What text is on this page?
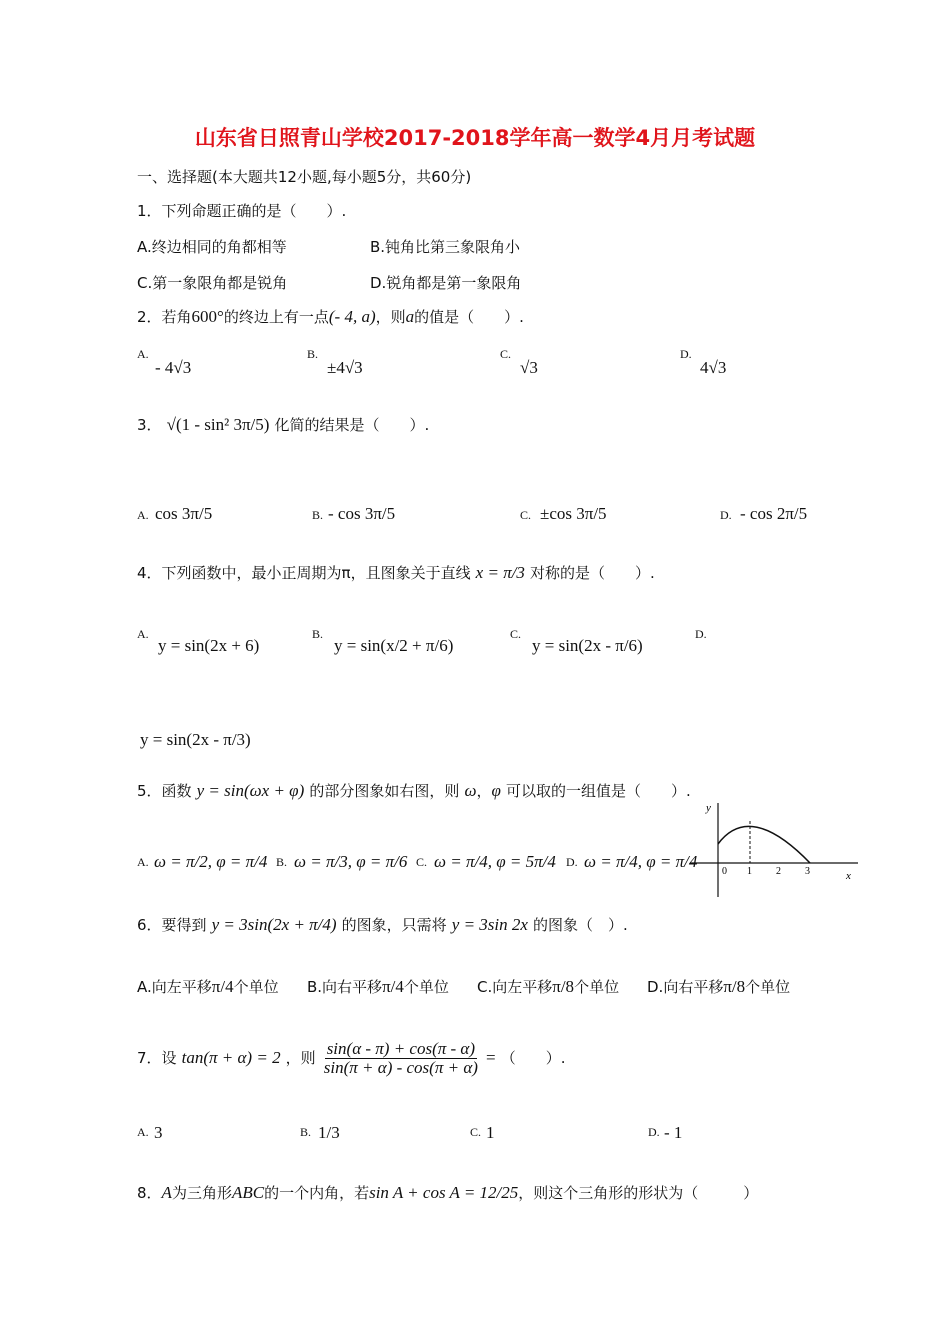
山东省日照青山学校2017-2018学年高一数学4月月考试题
一、选择题(本大题共12小题,每小题5分，共60分)
1．下列命题正确的是（　　）.
A.终边相同的角都相等	B.钝角比第三象限角小
C.第一象限角都是锐角	D.锐角都是第一象限角
2．若角600°的终边上有一点(- 4, a)，则a的值是（　　）.
A.
- 4√3
B.
±4√3
C.
√3
D.
4√3
3． √(1 - sin² 3π/5) 化简的结果是（　　）.
A. cos 3π/5	B. - cos 3π/5	C. ±cos 3π/5	D. - cos 2π/5
4．下列函数中，最小正周期为π，且图象关于直线 x = π/3 对称的是（　　）.
A.
y = sin(2x + 6)
B.
y = sin(x/2 + π/6)
C.
y = sin(2x - π/6)
D.
y = sin(2x - π/3)
5．函数 y = sin(ωx + φ) 的部分图象如右图，则 ω，φ 可以取的一组值是（　　）.
A. ω = π/2, φ = π/4 B. ω = π/3, φ = π/6 C. ω = π/4, φ = 5π/4 D. ω = π/4, φ = π/4
y
x
0 1 2 3
6．要得到 y = 3sin(2x + π/4) 的图象，只需将 y = 3sin 2x 的图象（　）.
A.向左平移π/4个单位 B.向右平移π/4个单位 C.向左平移π/8个单位 D.向右平移π/8个单位
7．设 tan(π + α) = 2 ，则 $\frac{\sin(\alpha - \pi) + \cos(\pi - \alpha)}{\sin(\pi + \alpha) - \cos(\pi + \alpha)}$ = （　　）.
A. 3	B. 1/3	C. 1	D. - 1
8．A为三角形ABC的一个内角，若sin A + cos A = 12/25，则这个三角形的形状为（　　　）
